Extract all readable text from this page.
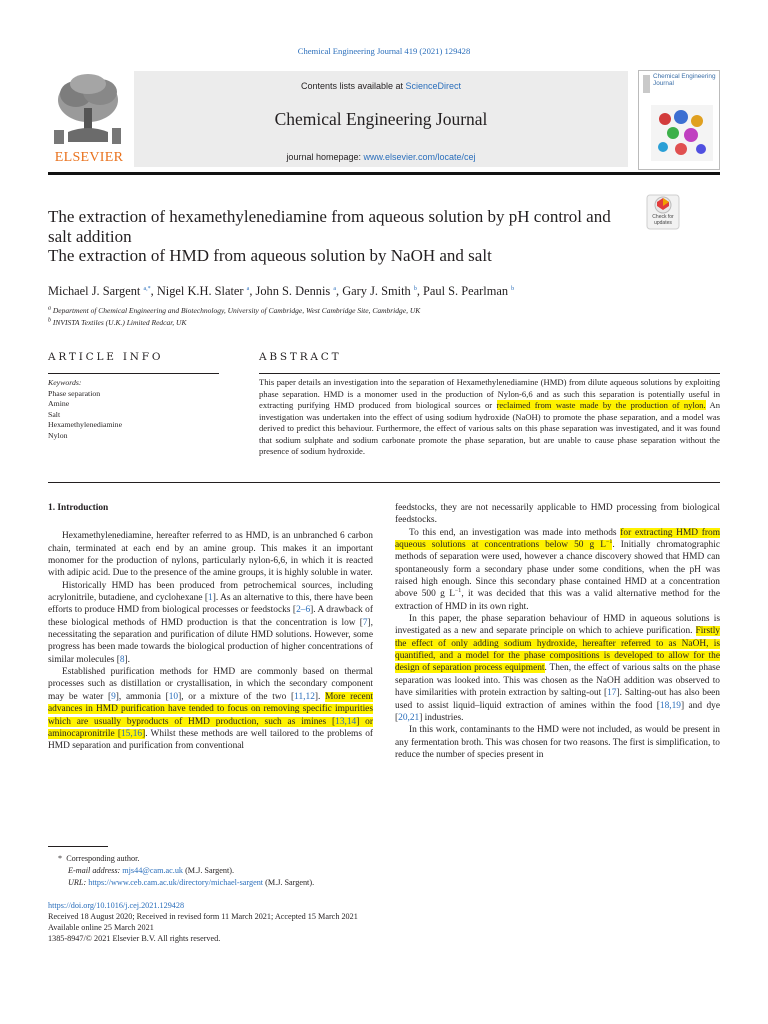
Chemical Engineering Journal 419 (2021) 129428
ELSEVIER
Contents lists available at ScienceDirect
Chemical Engineering Journal
journal homepage: www.elsevier.com/locate/cej
Chemical Engineering Journal
The extraction of hexamethylenediamine from aqueous solution by pH control and salt addition
The extraction of HMD from aqueous solution by NaOH and salt
Check for updates
Michael J. Sargent $^{a,*}$, Nigel K.H. Slater $^a$, John S. Dennis $^a$, Gary J. Smith $^b$, Paul S. Pearlman $^b$
$^a$ Department of Chemical Engineering and Biotechnology, University of Cambridge, West Cambridge Site, Cambridge, UK
$^b$ INVISTA Textiles (U.K.) Limited Redcar, UK
ARTICLE INFO	ABSTRACT
Keywords:
Phase separation
Amine
Salt
Hexamethylenediamine
Nylon
This paper details an investigation into the separation of Hexamethylenediamine (HMD) from dilute aqueous solutions by exploiting phase separation. HMD is a monomer used in the production of Nylon-6,6 and as such this separation is potentially useful in extracting purifying HMD produced from biological sources or reclaimed from waste made by the production of nylon. An investigation was undertaken into the effect of using sodium hydroxide (NaOH) to promote the phase separation, and a model was derived to predict this behaviour. Furthermore, the effect of various salts on this phase separation was investigated, and it was found that sodium sulphate and sodium carbonate promote the phase separation, but are unable to cause phase separation without the presence of sodium hydroxide.
1. Introduction

Hexamethylenediamine, hereafter referred to as HMD, is an unbranched 6 carbon chain, terminated at each end by an amine group. This makes it an important monomer for the production of nylons, particularly nylon-6,6, in which it is reacted with adipic acid. Due to the presence of the amine groups, it is highly soluble in water.

Historically HMD has been produced from petrochemical sources, including acrylonitrile, butadiene, and cyclohexane [1]. As an alternative to this, there have been efforts to produce HMD from biological processes or feedstocks [2–6]. A drawback of these biological methods of HMD production is that the concentration is low [7], necessitating the separation and purification of dilute HMD solutions. However, some progress has been made towards the biological production of higher concentrations of similar molecules [8].

Established purification methods for HMD are commonly based on thermal processes such as distillation or crystallisation, in which the secondary component may be water [9], ammonia [10], or a mixture of the two [11,12]. More recent advances in HMD purification have tended to focus on removing specific impurities which are usually byproducts of HMD production, such as imines [13,14] or aminocapronitrile [15,16]. Whilst these methods are well tailored to the problems of HMD separation and purification from conventional

feedstocks, they are not necessarily applicable to HMD processing from biological feedstocks.

To this end, an investigation was made into methods for extracting HMD from aqueous solutions at concentrations below 50 g $L^{-1}$. Initially chromatographic methods of separation were used, however a chance discovery showed that HMD can spontaneously form a secondary phase under some conditions, when the pH was raised high enough. Since this secondary phase contained HMD at a concentration above 500 g $L^{-1}$, it was decided that this was a valid alternative method for the extraction of HMD in its own right.

In this paper, the phase separation behaviour of HMD in aqueous solutions is investigated as a new and separate principle on which to achieve purification. Firstly the effect of only adding sodium hydroxide, hereafter referred to as NaOH, is quantified, and a model for the phase compositions is developed to allow for the design of separation process equipment. Then, the effect of various salts on the phase separation was looked into. This was chosen as the NaOH addition was observed to have similarities with protein extraction by salting-out [17]. Salting-out has also been used to assist liquid–liquid extraction of amines within the food [18,19] and dye [20,21] industries.

In this work, contaminants to the HMD were not included, as would be present in any fermentation broth. This was chosen for two reasons. The first is simplification, to reduce the number of species present in

*  Corresponding author.
E-mail address: mjs44@cam.ac.uk (M.J. Sargent).
URL: https://www.ceb.cam.ac.uk/directory/michael-sargent (M.J. Sargent).
https://doi.org/10.1016/j.cej.2021.129428
Received 18 August 2020; Received in revised form 11 March 2021; Accepted 15 March 2021
Available online 25 March 2021
1385-8947/© 2021 Elsevier B.V. All rights reserved.
